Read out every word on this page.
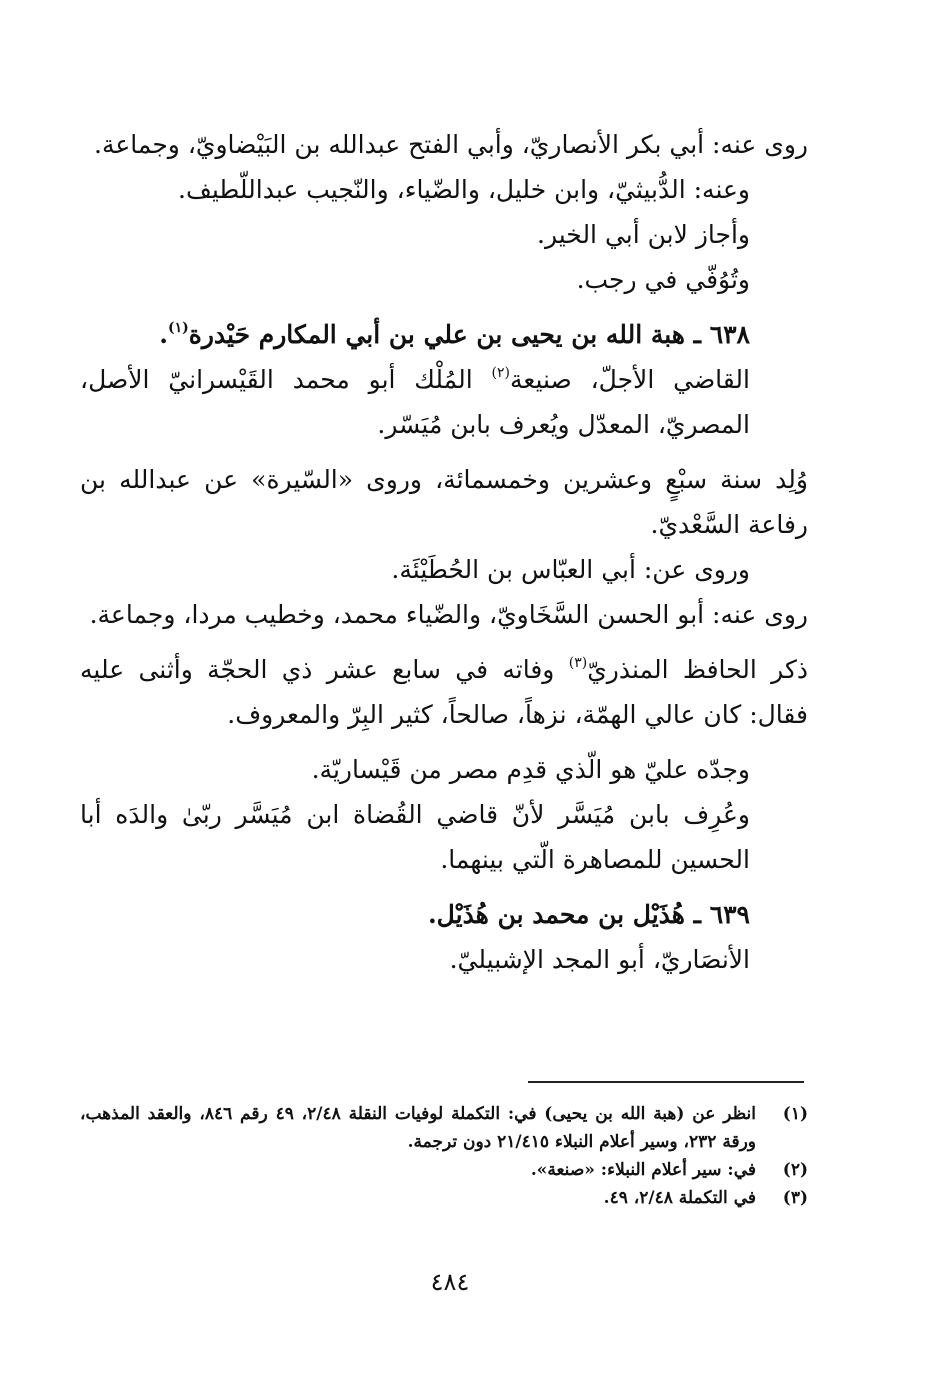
روى عنه: أبي بكر الأنصاريّ، وأبي الفتح عبدالله بن البَيْضاويّ، وجماعة.

وعنه: الدُّبيثيّ، وابن خليل، والضّياء، والنّجيب عبداللّطيف.

وأجاز لابن أبي الخير.

وتُوُفّي في رجب.

٦٣٨ ـ هبة الله بن يحيى بن علي بن أبي المكارم حَيْدرة$^{(١)}$.

القاضي الأجلّ، صنيعة$^{(٢)}$ المُلْك أبو محمد القَيْسرانيّ الأصل، المصريّ، المعدّل ويُعرف بابن مُيَسّر.

وُلِد سنة سبْعٍ وعشرين وخمسمائة، وروى «السّيرة» عن عبدالله بن رفاعة السَّعْديّ.

وروى عن: أبي العبّاس بن الحُطَيْئَة.

روى عنه: أبو الحسن السَّخَاويّ، والضّياء محمد، وخطيب مردا، وجماعة.

ذكر الحافظ المنذريّ$^{(٣)}$ وفاته في سابع عشر ذي الحجّة وأثنى عليه فقال: كان عالي الهمّة، نزهاً، صالحاً، كثير البِرّ والمعروف.

وجدّه عليّ هو الّذي قدِم مصر من قَيْساريّة.

وعُرِف بابن مُيَسَّر لأنّ قاضي القُضاة ابن مُيَسَّر ربّىٰ والدَه أبا الحسين للمصاهرة الّتي بينهما.

٦٣٩ ـ هُذَيْل بن محمد بن هُذَيْل.

الأنصَاريّ، أبو المجد الإشبيليّ.

(١)
انظر عن (هبة الله بن يحيى) في: التكملة لوفيات النقلة ٢/٤٨، ٤٩ رقم ٨٤٦، والعقد المذهب، ورقة ٢٣٢، وسير أعلام النبلاء ٢١/٤١٥ دون ترجمة.
(٢)
في: سير أعلام النبلاء: «صنعة».
(٣)
في التكملة ٢/٤٨، ٤٩.
٤٨٤
